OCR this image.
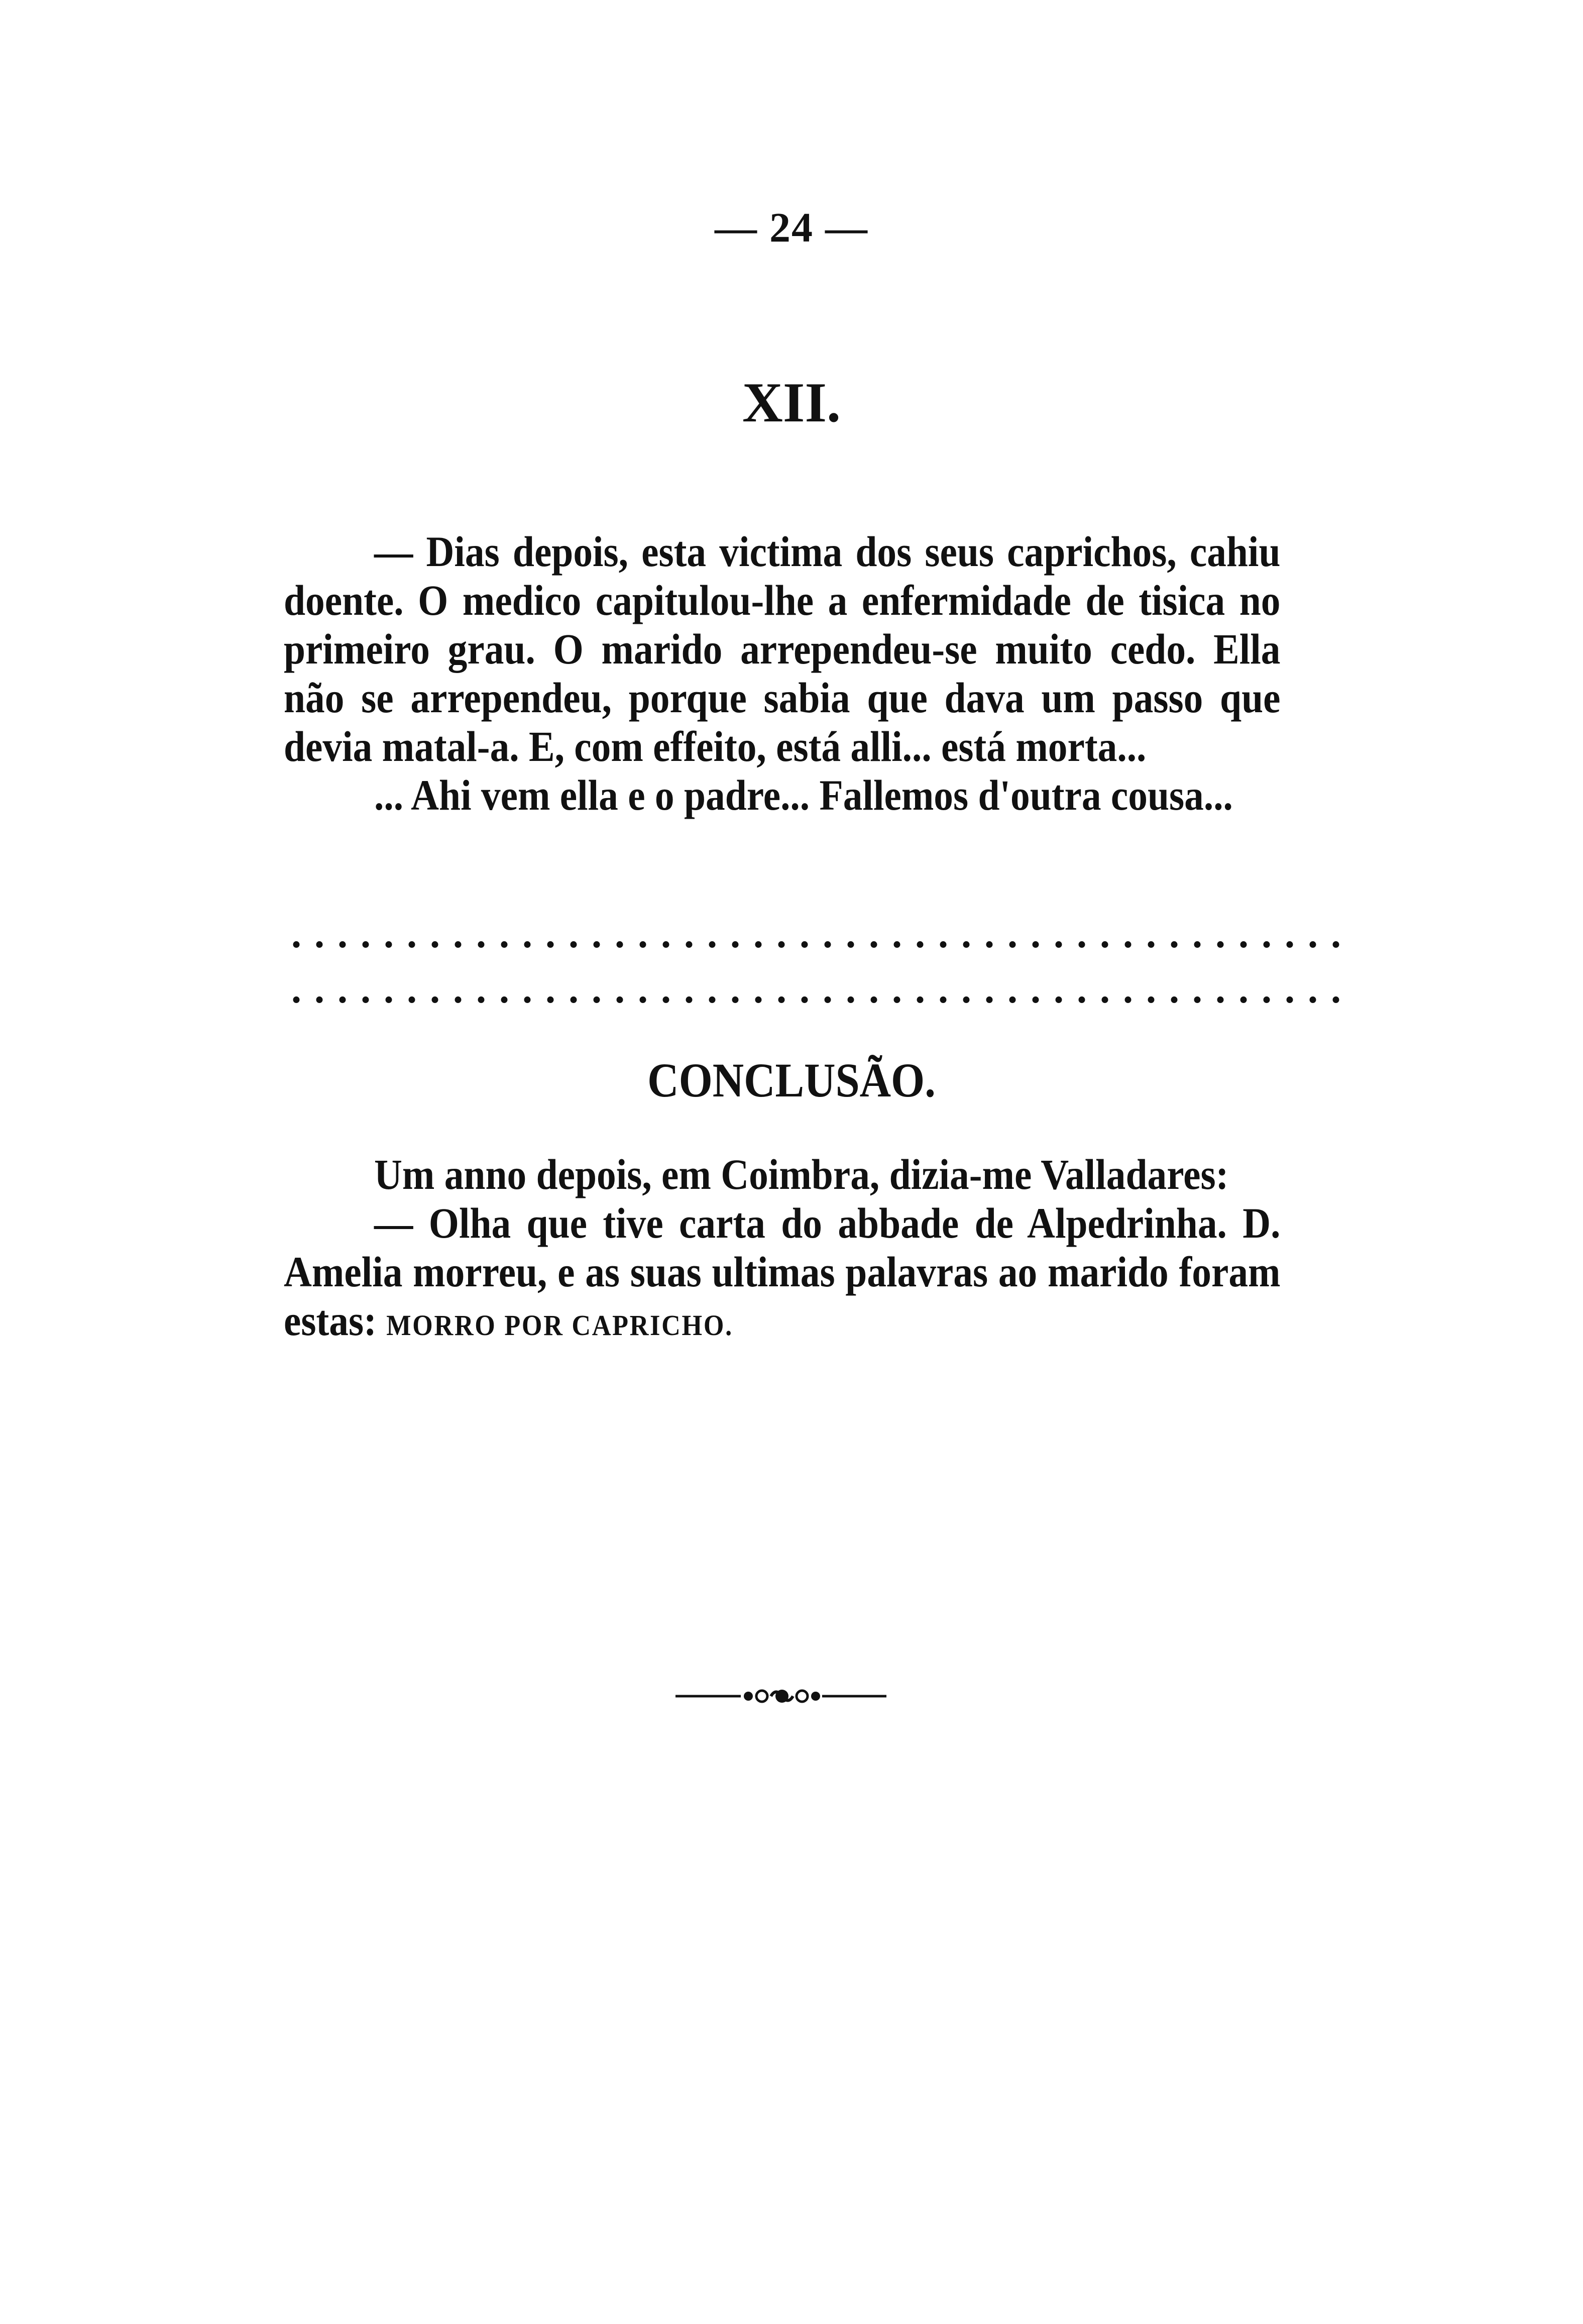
— 24 —
XII.

— Dias depois, esta victima dos seus caprichos, cahiu doente. O medico capitulou-lhe a enfermidade de tisica no primeiro grau. O marido arrependeu-se muito cedo. Ella não se arrependeu, porque sabia que dava um passo que devia matal-a. E, com effeito, está alli... está morta...

... Ahi vem ella e o padre... Fallemos d'outra cousa...

..............................................
..............................................
CONCLUSÃO.

Um anno depois, em Coimbra, dizia-me Valladares:

— Olha que tive carta do abbade de Alpedrinha. D. Amelia morreu, e as suas ultimas palavras ao marido foram estas: MORRO POR CAPRICHO.
